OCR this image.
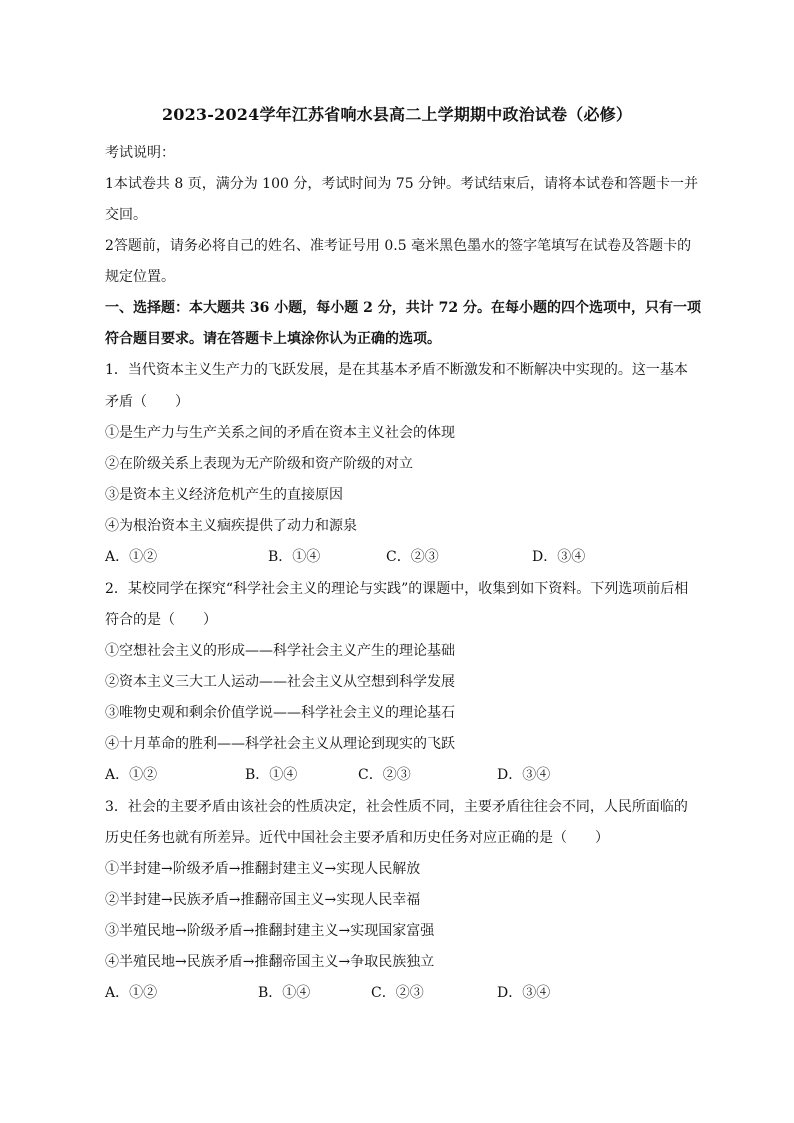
2023-2024学年江苏省响水县高二上学期期中政治试卷（必修）
考试说明：
1本试卷共 8 页，满分为 100 分，考试时间为 75 分钟。考试结束后，请将本试卷和答题卡一并
交回。
2答题前，请务必将自己的姓名、准考证号用 0.5 毫米黑色墨水的签字笔填写在试卷及答题卡的
规定位置。
一、选择题：本大题共 36 小题，每小题 2 分，共计 72 分。在每小题的四个选项中，只有一项
符合题目要求。请在答题卡上填涂你认为正确的选项。
1．当代资本主义生产力的飞跃发展，是在其基本矛盾不断激发和不断解决中实现的。这一基本
矛盾（　　）
①是生产力与生产关系之间的矛盾在资本主义社会的体现
②在阶级关系上表现为无产阶级和资产阶级的对立
③是资本主义经济危机产生的直接原因
④为根治资本主义痼疾提供了动力和源泉
A．①②	B．①④	C．②③	D．③④
2．某校同学在探究“科学社会主义的理论与实践”的课题中，收集到如下资料。下列选项前后相
符合的是（　　）
①空想社会主义的形成——科学社会主义产生的理论基础
②资本主义三大工人运动——社会主义从空想到科学发展
③唯物史观和剩余价值学说——科学社会主义的理论基石
④十月革命的胜利——科学社会主义从理论到现实的飞跃
A．①②	B．①④	C．②③	D．③④
3．社会的主要矛盾由该社会的性质决定，社会性质不同，主要矛盾往往会不同，人民所面临的
历史任务也就有所差异。近代中国社会主要矛盾和历史任务对应正确的是（　　）
①半封建→阶级矛盾→推翻封建主义→实现人民解放
②半封建→民族矛盾→推翻帝国主义→实现人民幸福
③半殖民地→阶级矛盾→推翻封建主义→实现国家富强
④半殖民地→民族矛盾→推翻帝国主义→争取民族独立
A．①②	B．①④	C．②③	D．③④
